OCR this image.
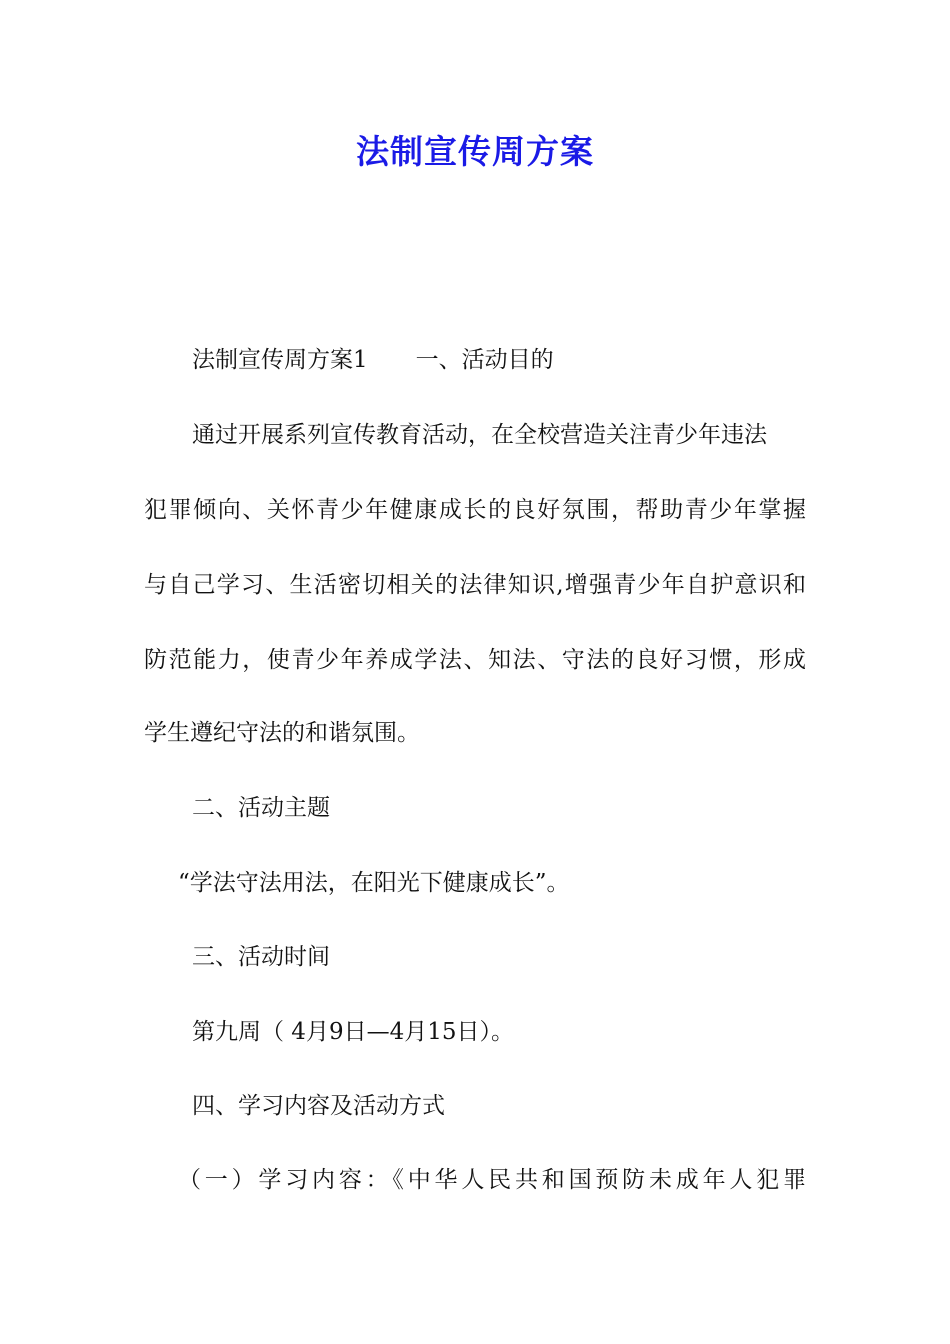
法制宣传周方案
法制宣传周方案1 一、活动目的
通过开展系列宣传教育活动，在全校营造关注青少年违法
犯罪倾向、关怀青少年健康成长的良好氛围，帮助青少年掌握
与自己学习、生活密切相关的法律知识,增强青少年自护意识和
防范能力，使青少年养成学法、知法、守法的良好习惯，形成
学生遵纪守法的和谐氛围。
二、活动主题
“学法守法用法，在阳光下健康成长”。
三、活动时间
第九周（ 4月9日—4月15日）。
四、学习内容及活动方式
（一）学习内容：《中华人民共和国预防未成年人犯罪
